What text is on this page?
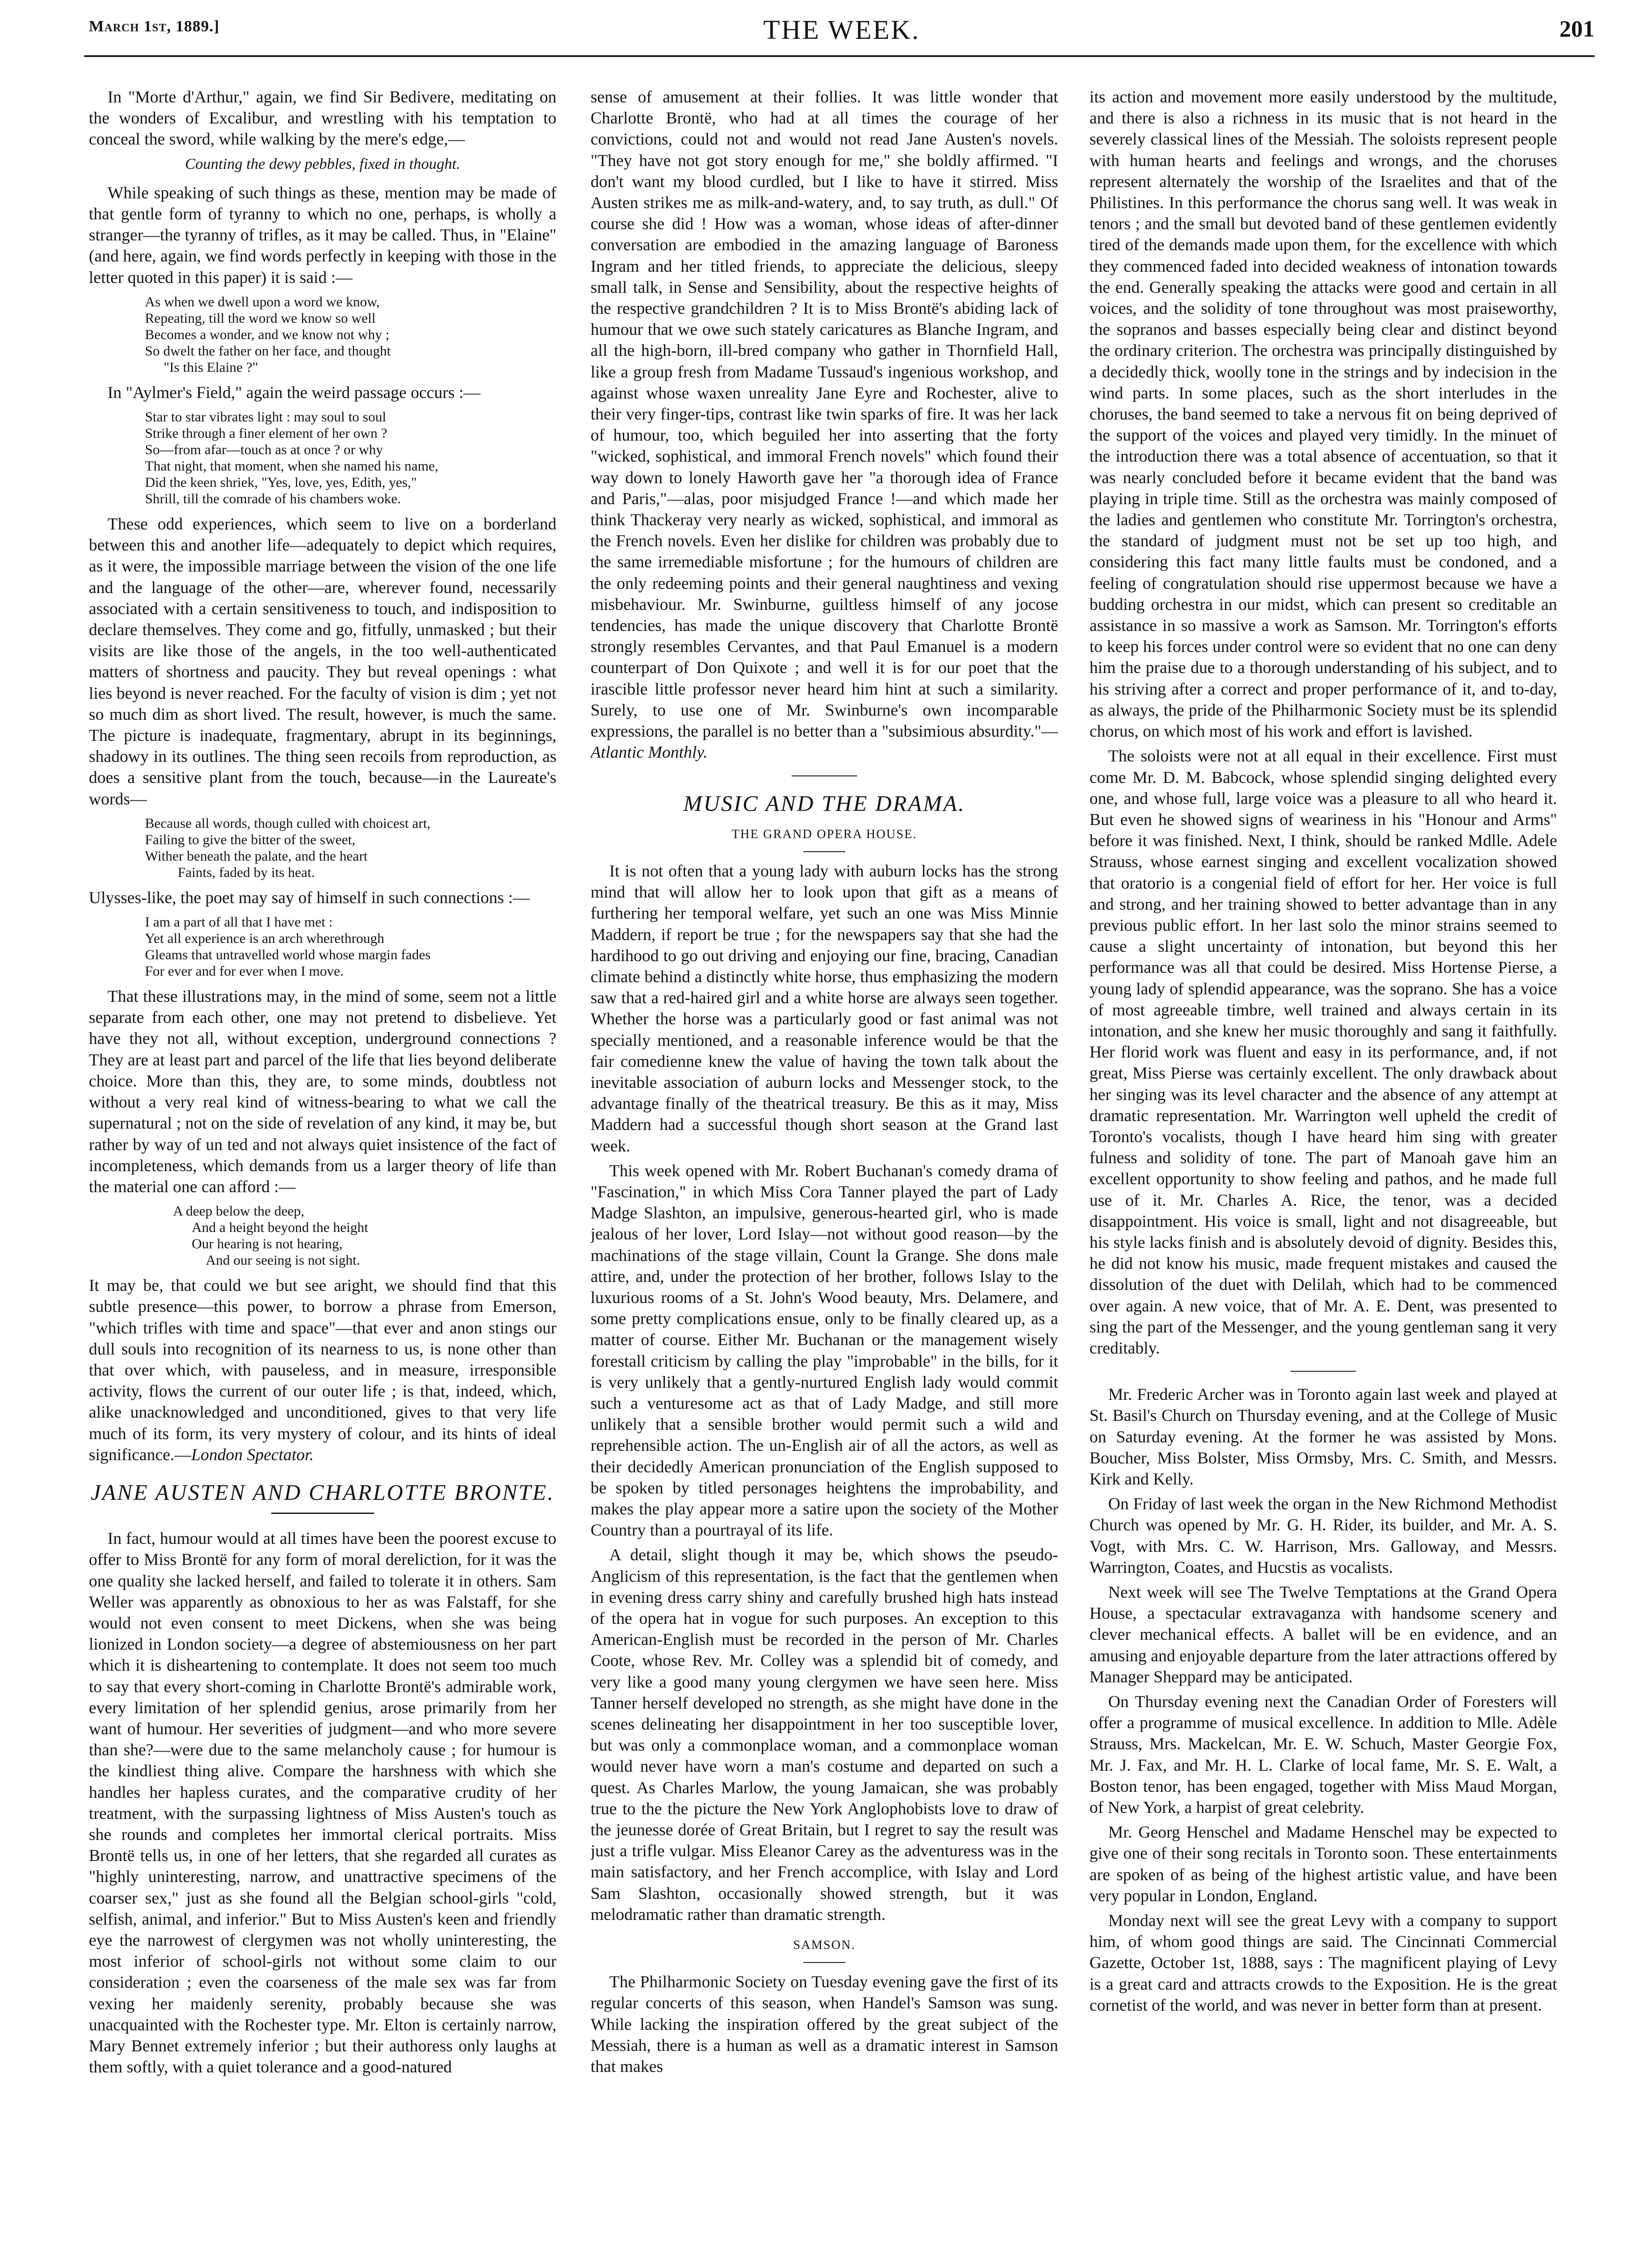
March 1st, 1889.]	THE WEEK.	201

In "Morte d'Arthur," again, we find Sir Bedivere, meditating on the wonders of Excalibur, and wrestling with his temptation to conceal the sword, while walking by the mere's edge,—

Counting the dewy pebbles, fixed in thought.

While speaking of such things as these, mention may be made of that gentle form of tyranny to which no one, perhaps, is wholly a stranger—the tyranny of trifles, as it may be called. Thus, in "Elaine" (and here, again, we find words perfectly in keeping with those in the letter quoted in this paper) it is said :—

As when we dwell upon a word we know,
Repeating, till the word we know so well
Becomes a wonder, and we know not why ;
So dwelt the father on her face, and thought
"Is this Elaine ?"

In "Aylmer's Field," again the weird passage occurs :—

Star to star vibrates light : may soul to soul
Strike through a finer element of her own ?
So—from afar—touch as at once ? or why
That night, that moment, when she named his name,
Did the keen shriek, "Yes, love, yes, Edith, yes,"
Shrill, till the comrade of his chambers woke.

These odd experiences, which seem to live on a borderland between this and another life—adequately to depict which requires, as it were, the impossible marriage between the vision of the one life and the language of the other—are, wherever found, necessarily associated with a certain sensitiveness to touch, and indisposition to declare themselves. They come and go, fitfully, unmasked ; but their visits are like those of the angels, in the too well-authenticated matters of shortness and paucity. They but reveal openings : what lies beyond is never reached. For the faculty of vision is dim ; yet not so much dim as short lived. The result, however, is much the same. The picture is inadequate, fragmentary, abrupt in its beginnings, shadowy in its outlines. The thing seen recoils from reproduction, as does a sensitive plant from the touch, because—in the Laureate's words—

Because all words, though culled with choicest art,
Failing to give the bitter of the sweet,
Wither beneath the palate, and the heart
Faints, faded by its heat.

Ulysses-like, the poet may say of himself in such connections :—

I am a part of all that I have met :
Yet all experience is an arch wherethrough
Gleams that untravelled world whose margin fades
For ever and for ever when I move.

That these illustrations may, in the mind of some, seem not a little separate from each other, one may not pretend to disbelieve. Yet have they not all, without exception, underground connections ? They are at least part and parcel of the life that lies beyond deliberate choice. More than this, they are, to some minds, doubtless not without a very real kind of witness-bearing to what we call the supernatural ; not on the side of revelation of any kind, it may be, but rather by way of un ted and not always quiet insistence of the fact of incompleteness, which demands from us a larger theory of life than the material one can afford :—

A deep below the deep,
And a height beyond the height
Our hearing is not hearing,
And our seeing is not sight.

It may be, that could we but see aright, we should find that this subtle presence—this power, to borrow a phrase from Emerson, "which trifles with time and space"—that ever and anon stings our dull souls into recognition of its nearness to us, is none other than that over which, with pauseless, and in measure, irresponsible activity, flows the current of our outer life ; is that, indeed, which, alike unacknowledged and unconditioned, gives to that very life much of its form, its very mystery of colour, and its hints of ideal significance.—London Spectator.

JANE AUSTEN AND CHARLOTTE BRONTE.

In fact, humour would at all times have been the poorest excuse to offer to Miss Brontë for any form of moral dereliction, for it was the one quality she lacked herself, and failed to tolerate it in others. Sam Weller was apparently as obnoxious to her as was Falstaff, for she would not even consent to meet Dickens, when she was being lionized in London society—a degree of abstemiousness on her part which it is disheartening to contemplate. It does not seem too much to say that every short-coming in Charlotte Brontë's admirable work, every limitation of her splendid genius, arose primarily from her want of humour. Her severities of judgment—and who more severe than she?—were due to the same melancholy cause ; for humour is the kindliest thing alive. Compare the harshness with which she handles her hapless curates, and the comparative crudity of her treatment, with the surpassing lightness of Miss Austen's touch as she rounds and completes her immortal clerical portraits. Miss Brontë tells us, in one of her letters, that she regarded all curates as "highly uninteresting, narrow, and unattractive specimens of the coarser sex," just as she found all the Belgian school-girls "cold, selfish, animal, and inferior." But to Miss Austen's keen and friendly eye the narrowest of clergymen was not wholly uninteresting, the most inferior of school-girls not without some claim to our consideration ; even the coarseness of the male sex was far from vexing her maidenly serenity, probably because she was unacquainted with the Rochester type. Mr. Elton is certainly narrow, Mary Bennet extremely inferior ; but their authoress only laughs at them softly, with a quiet tolerance and a good-natured

sense of amusement at their follies. It was little wonder that Charlotte Brontë, who had at all times the courage of her convictions, could not and would not read Jane Austen's novels. "They have not got story enough for me," she boldly affirmed. "I don't want my blood curdled, but I like to have it stirred. Miss Austen strikes me as milk-and-watery, and, to say truth, as dull." Of course she did ! How was a woman, whose ideas of after-dinner conversation are embodied in the amazing language of Baroness Ingram and her titled friends, to appreciate the delicious, sleepy small talk, in Sense and Sensibility, about the respective heights of the respective grandchildren ? It is to Miss Brontë's abiding lack of humour that we owe such stately caricatures as Blanche Ingram, and all the high-born, ill-bred company who gather in Thornfield Hall, like a group fresh from Madame Tussaud's ingenious workshop, and against whose waxen unreality Jane Eyre and Rochester, alive to their very finger-tips, contrast like twin sparks of fire. It was her lack of humour, too, which beguiled her into asserting that the forty "wicked, sophistical, and immoral French novels" which found their way down to lonely Haworth gave her "a thorough idea of France and Paris,"—alas, poor misjudged France !—and which made her think Thackeray very nearly as wicked, sophistical, and immoral as the French novels. Even her dislike for children was probably due to the same irremediable misfortune ; for the humours of children are the only redeeming points and their general naughtiness and vexing misbehaviour. Mr. Swinburne, guiltless himself of any jocose tendencies, has made the unique discovery that Charlotte Brontë strongly resembles Cervantes, and that Paul Emanuel is a modern counterpart of Don Quixote ; and well it is for our poet that the irascible little professor never heard him hint at such a similarity. Surely, to use one of Mr. Swinburne's own incomparable expressions, the parallel is no better than a "subsimious absurdity."—Atlantic Monthly.

MUSIC AND THE DRAMA.
THE GRAND OPERA HOUSE.

It is not often that a young lady with auburn locks has the strong mind that will allow her to look upon that gift as a means of furthering her temporal welfare, yet such an one was Miss Minnie Maddern, if report be true ; for the newspapers say that she had the hardihood to go out driving and enjoying our fine, bracing, Canadian climate behind a distinctly white horse, thus emphasizing the modern saw that a red-haired girl and a white horse are always seen together. Whether the horse was a particularly good or fast animal was not specially mentioned, and a reasonable inference would be that the fair comedienne knew the value of having the town talk about the inevitable association of auburn locks and Messenger stock, to the advantage finally of the theatrical treasury. Be this as it may, Miss Maddern had a successful though short season at the Grand last week.

This week opened with Mr. Robert Buchanan's comedy drama of "Fascination," in which Miss Cora Tanner played the part of Lady Madge Slashton, an impulsive, generous-hearted girl, who is made jealous of her lover, Lord Islay—not without good reason—by the machinations of the stage villain, Count la Grange. She dons male attire, and, under the protection of her brother, follows Islay to the luxurious rooms of a St. John's Wood beauty, Mrs. Delamere, and some pretty complications ensue, only to be finally cleared up, as a matter of course. Either Mr. Buchanan or the management wisely forestall criticism by calling the play "improbable" in the bills, for it is very unlikely that a gently-nurtured English lady would commit such a venturesome act as that of Lady Madge, and still more unlikely that a sensible brother would permit such a wild and reprehensible action. The un-English air of all the actors, as well as their decidedly American pronunciation of the English supposed to be spoken by titled personages heightens the improbability, and makes the play appear more a satire upon the society of the Mother Country than a pourtrayal of its life.

A detail, slight though it may be, which shows the pseudo-Anglicism of this representation, is the fact that the gentlemen when in evening dress carry shiny and carefully brushed high hats instead of the opera hat in vogue for such purposes. An exception to this American-English must be recorded in the person of Mr. Charles Coote, whose Rev. Mr. Colley was a splendid bit of comedy, and very like a good many young clergymen we have seen here. Miss Tanner herself developed no strength, as she might have done in the scenes delineating her disappointment in her too susceptible lover, but was only a commonplace woman, and a commonplace woman would never have worn a man's costume and departed on such a quest. As Charles Marlow, the young Jamaican, she was probably true to the the picture the New York Anglophobists love to draw of the jeunesse dorée of Great Britain, but I regret to say the result was just a trifle vulgar. Miss Eleanor Carey as the adventuress was in the main satisfactory, and her French accomplice, with Islay and Lord Sam Slashton, occasionally showed strength, but it was melodramatic rather than dramatic strength.

SAMSON.

The Philharmonic Society on Tuesday evening gave the first of its regular concerts of this season, when Handel's Samson was sung. While lacking the inspiration offered by the great subject of the Messiah, there is a human as well as a dramatic interest in Samson that makes

its action and movement more easily understood by the multitude, and there is also a richness in its music that is not heard in the severely classical lines of the Messiah. The soloists represent people with human hearts and feelings and wrongs, and the choruses represent alternately the worship of the Israelites and that of the Philistines. In this performance the chorus sang well. It was weak in tenors ; and the small but devoted band of these gentlemen evidently tired of the demands made upon them, for the excellence with which they commenced faded into decided weakness of intonation towards the end. Generally speaking the attacks were good and certain in all voices, and the solidity of tone throughout was most praiseworthy, the sopranos and basses especially being clear and distinct beyond the ordinary criterion. The orchestra was principally distinguished by a decidedly thick, woolly tone in the strings and by indecision in the wind parts. In some places, such as the short interludes in the choruses, the band seemed to take a nervous fit on being deprived of the support of the voices and played very timidly. In the minuet of the introduction there was a total absence of accentuation, so that it was nearly concluded before it became evident that the band was playing in triple time. Still as the orchestra was mainly composed of the ladies and gentlemen who constitute Mr. Torrington's orchestra, the standard of judgment must not be set up too high, and considering this fact many little faults must be condoned, and a feeling of congratulation should rise uppermost because we have a budding orchestra in our midst, which can present so creditable an assistance in so massive a work as Samson. Mr. Torrington's efforts to keep his forces under control were so evident that no one can deny him the praise due to a thorough understanding of his subject, and to his striving after a correct and proper performance of it, and to-day, as always, the pride of the Philharmonic Society must be its splendid chorus, on which most of his work and effort is lavished.

The soloists were not at all equal in their excellence. First must come Mr. D. M. Babcock, whose splendid singing delighted every one, and whose full, large voice was a pleasure to all who heard it. But even he showed signs of weariness in his "Honour and Arms" before it was finished. Next, I think, should be ranked Mdlle. Adele Strauss, whose earnest singing and excellent vocalization showed that oratorio is a congenial field of effort for her. Her voice is full and strong, and her training showed to better advantage than in any previous public effort. In her last solo the minor strains seemed to cause a slight uncertainty of intonation, but beyond this her performance was all that could be desired. Miss Hortense Pierse, a young lady of splendid appearance, was the soprano. She has a voice of most agreeable timbre, well trained and always certain in its intonation, and she knew her music thoroughly and sang it faithfully. Her florid work was fluent and easy in its performance, and, if not great, Miss Pierse was certainly excellent. The only drawback about her singing was its level character and the absence of any attempt at dramatic representation. Mr. Warrington well upheld the credit of Toronto's vocalists, though I have heard him sing with greater fulness and solidity of tone. The part of Manoah gave him an excellent opportunity to show feeling and pathos, and he made full use of it. Mr. Charles A. Rice, the tenor, was a decided disappointment. His voice is small, light and not disagreeable, but his style lacks finish and is absolutely devoid of dignity. Besides this, he did not know his music, made frequent mistakes and caused the dissolution of the duet with Delilah, which had to be commenced over again. A new voice, that of Mr. A. E. Dent, was presented to sing the part of the Messenger, and the young gentleman sang it very creditably.

Mr. Frederic Archer was in Toronto again last week and played at St. Basil's Church on Thursday evening, and at the College of Music on Saturday evening. At the former he was assisted by Mons. Boucher, Miss Bolster, Miss Ormsby, Mrs. C. Smith, and Messrs. Kirk and Kelly.

On Friday of last week the organ in the New Richmond Methodist Church was opened by Mr. G. H. Rider, its builder, and Mr. A. S. Vogt, with Mrs. C. W. Harrison, Mrs. Galloway, and Messrs. Warrington, Coates, and Hucstis as vocalists.

Next week will see The Twelve Temptations at the Grand Opera House, a spectacular extravaganza with handsome scenery and clever mechanical effects. A ballet will be en evidence, and an amusing and enjoyable departure from the later attractions offered by Manager Sheppard may be anticipated.

On Thursday evening next the Canadian Order of Foresters will offer a programme of musical excellence. In addition to Mlle. Adèle Strauss, Mrs. Mackelcan, Mr. E. W. Schuch, Master Georgie Fox, Mr. J. Fax, and Mr. H. L. Clarke of local fame, Mr. S. E. Walt, a Boston tenor, has been engaged, together with Miss Maud Morgan, of New York, a harpist of great celebrity.

Mr. Georg Henschel and Madame Henschel may be expected to give one of their song recitals in Toronto soon. These entertainments are spoken of as being of the highest artistic value, and have been very popular in London, England.

Monday next will see the great Levy with a company to support him, of whom good things are said. The Cincinnati Commercial Gazette, October 1st, 1888, says : The magnificent playing of Levy is a great card and attracts crowds to the Exposition. He is the great cornetist of the world, and was never in better form than at present.
